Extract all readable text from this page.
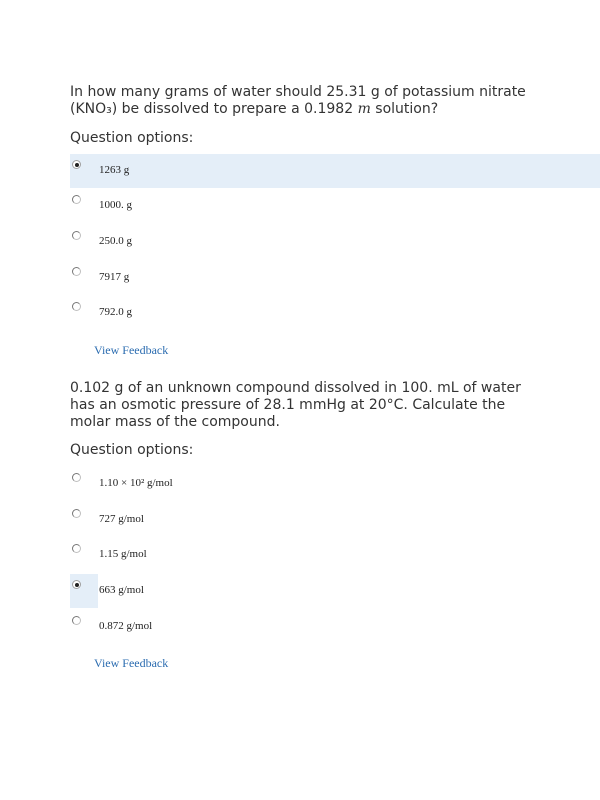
In how many grams of water should 25.31 g of potassium nitrate (KNO₃) be dissolved to prepare a 0.1982 m solution?
Question options:
1263 g
1000. g
250.0 g
7917 g
792.0 g
View Feedback
0.102 g of an unknown compound dissolved in 100. mL of water has an osmotic pressure of 28.1 mmHg at 20°C. Calculate the molar mass of the compound.
Question options:
1.10 × 10² g/mol
727 g/mol
1.15 g/mol
663 g/mol
0.872 g/mol
View Feedback
